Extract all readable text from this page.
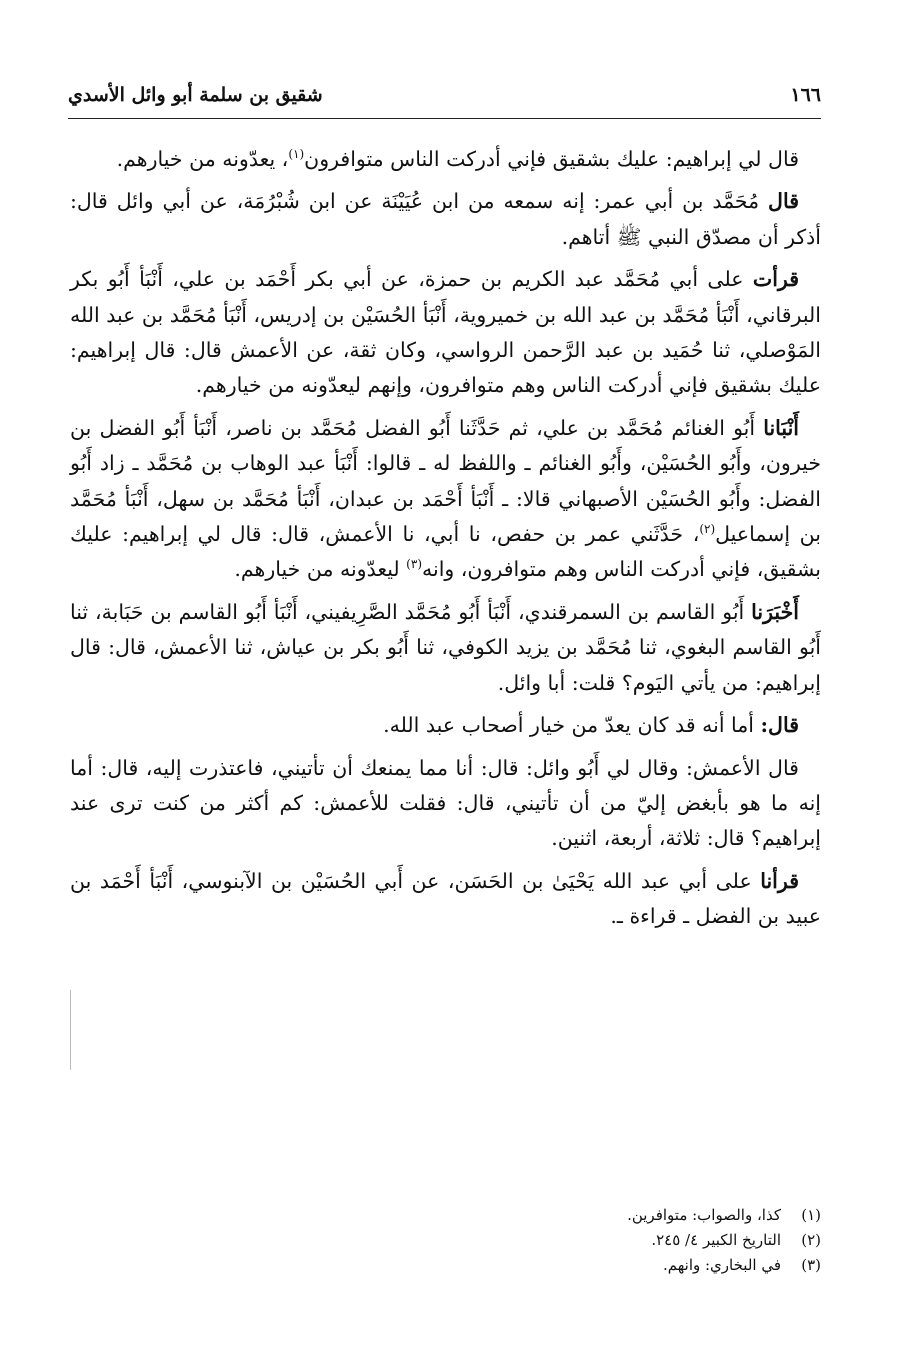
١٦٦
شقيق بن سلمة أبو وائل الأسدي

قال لي إبراهيم: عليك بشقيق فإني أدركت الناس متوافرون$^{(١)}$، يعدّونه من خيارهم.

قال مُحَمَّد بن أبي عمر: إنه سمعه من ابن عُيَيْنَة عن ابن شُبْرُمَة، عن أبي وائل قال: أذكر أن مصدّق النبي ﷺ أتاهم.

قرأت على أبي مُحَمَّد عبد الكريم بن حمزة، عن أبي بكر أَحْمَد بن علي، أَنْبَأ أَبُو بكر البرقاني، أَنْبَأ مُحَمَّد بن عبد الله بن خميروية، أَنْبَأ الحُسَيْن بن إدريس، أَنْبَأ مُحَمَّد بن عبد الله المَوْصلي، ثنا حُمَيد بن عبد الرَّحمن الرواسي، وكان ثقة، عن الأعمش قال: قال إبراهيم: عليك بشقيق فإني أدركت الناس وهم متوافرون، وإنهم ليعدّونه من خيارهم.

أَنْبَانا أَبُو الغنائم مُحَمَّد بن علي، ثم حَدَّثَنا أَبُو الفضل مُحَمَّد بن ناصر، أَنْبَأ أَبُو الفضل بن خيرون، وأَبُو الحُسَيْن، وأَبُو الغنائم ـ واللفظ له ـ قالوا: أَنْبَأ عبد الوهاب بن مُحَمَّد ـ زاد أَبُو الفضل: وأَبُو الحُسَيْن الأصبهاني قالا: ـ أَنْبَأ أَحْمَد بن عبدان، أَنْبَأ مُحَمَّد بن سهل، أَنْبَأ مُحَمَّد بن إسماعيل$^{(٢)}$، حَدَّثَني عمر بن حفص، نا أبي، نا الأعمش، قال: قال لي إبراهيم: عليك بشقيق، فإني أدركت الناس وهم متوافرون، وانه$^{(٣)}$ ليعدّونه من خيارهم.

أَخْبَرَنا أَبُو القاسم بن السمرقندي، أَنْبَأ أَبُو مُحَمَّد الصَّرِيفيني، أَنْبَأ أَبُو القاسم بن حَبَابة، ثنا أَبُو القاسم البغوي، ثنا مُحَمَّد بن يزيد الكوفي، ثنا أَبُو بكر بن عياش، ثنا الأعمش، قال: قال إبراهيم: من يأتي اليَوم؟ قلت: أبا وائل.

قال: أما أنه قد كان يعدّ من خيار أصحاب عبد الله.

قال الأعمش: وقال لي أَبُو وائل: قال: أنا مما يمنعك أن تأتيني، فاعتذرت إليه، قال: أما إنه ما هو بأبغض إليّ من أن تأتيني، قال: فقلت للأعمش: كم أكثر من كنت ترى عند إبراهيم؟ قال: ثلاثة، أربعة، اثنين.

قرأنا على أبي عبد الله يَحْيَىٰ بن الحَسَن، عن أَبي الحُسَيْن بن الآبنوسي، أَنْبَأ أَحْمَد بن عبيد بن الفضل ـ قراءة ـ.

(١)
كذا، والصواب: متوافرين.
(٢)
التاريخ الكبير ٤/ ٢٤٥.
(٣)
في البخاري: وانهم.
